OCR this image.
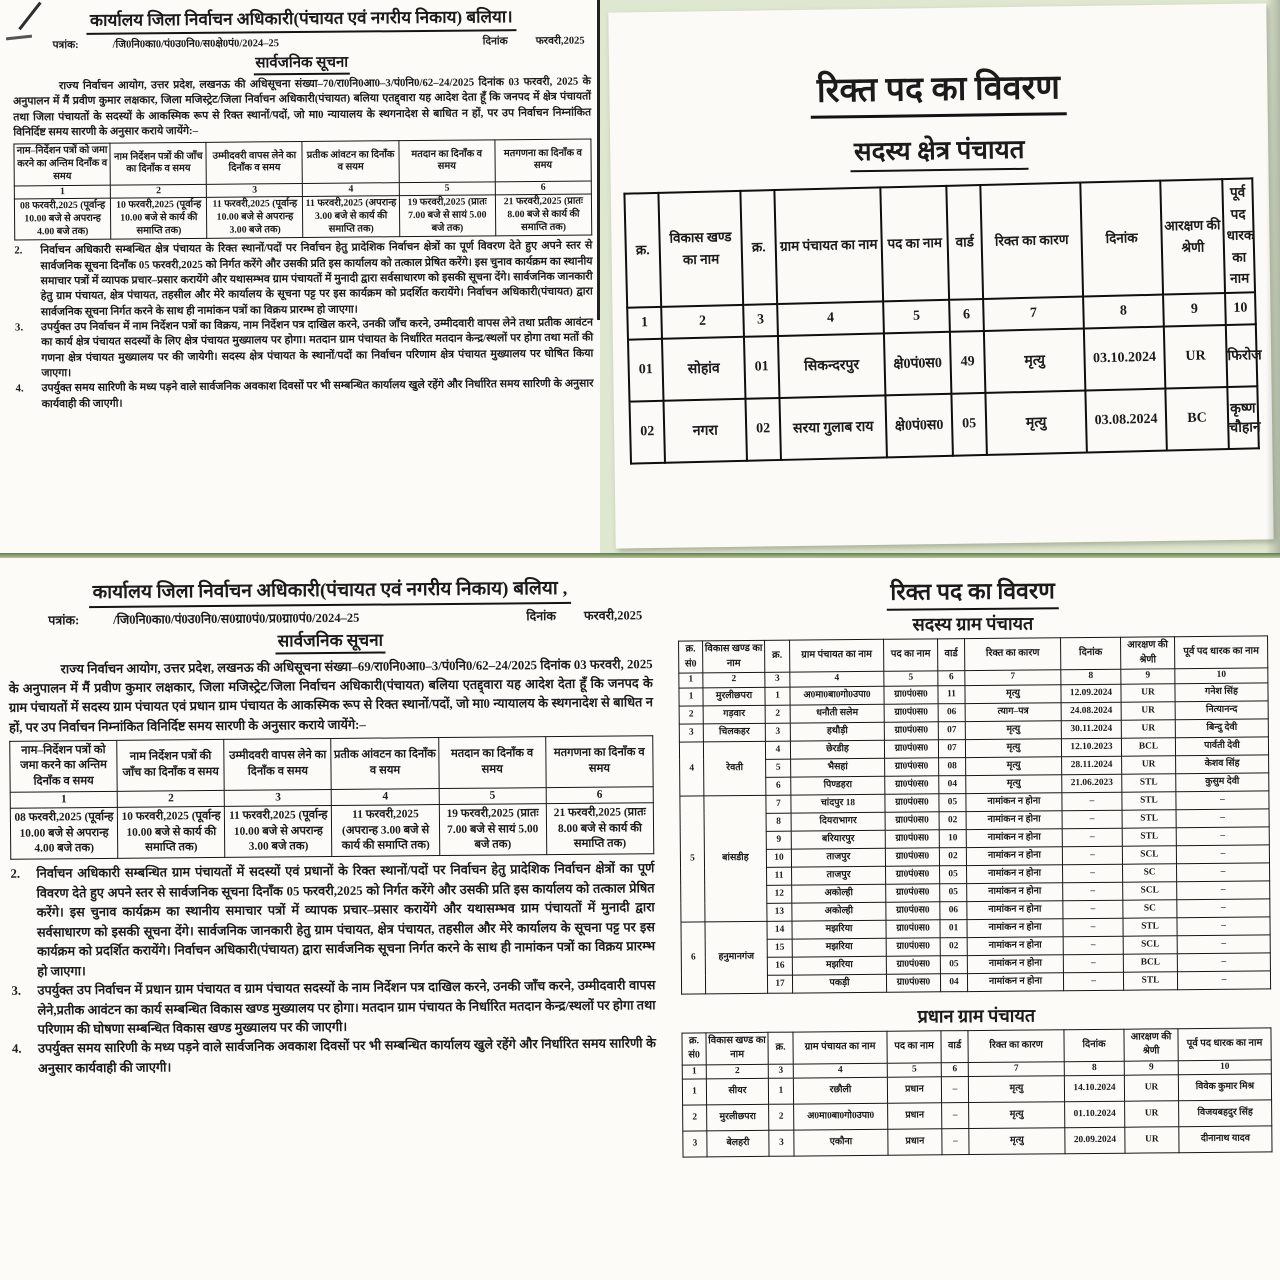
कार्यालय जिला निर्वाचन अधिकारी(पंचायत एवं नगरीय निकाय) बलिया।
पत्रांक:	/जि0नि0का0/पं0उ0नि0/स0क्षे0पं0/2024–25	दिनांक	फरवरी,2025
सार्वजनिक सूचना

राज्य निर्वाचन आयोग, उत्तर प्रदेश, लखनऊ की अधिसूचना संख्या–70/रा0नि0आ0–3/पं0नि0/62–24/2025 दिनांक 03 फरवरी, 2025 के अनुपालन में मैं प्रवीण कुमार लक्षकार, जिला मजिस्ट्रेट/जिला निर्वाचन अधिकारी(पंचायत) बलिया एतद्द्वारा यह आदेश देता हूँ कि जनपद में क्षेत्र पंचायतों तथा जिला पंचायतों के सदस्यों के आकस्मिक रूप से रिक्त स्थानों/पदों, जो मा0 न्यायालय के स्थगनादेश से बाधित न हों, पर उप निर्वाचन निम्नांकित विनिर्दिष्ट समय सारणी के अनुसार कराये जायेंगे:–

नाम–निर्देशन पत्रों को जमा करने का अन्तिम दिनाँक व समय	नाम निर्देशन पत्रों की जाँच का दिनाँक व समय	उम्मीदवरी वापस लेने का दिनाँक व समय	प्रतीक आंवटन का दिनाँक व सयम	मतदान का दिनाँक व समय	मतगणना का दिनाँक व समय
1	2	3	4	5	6
08 फरवरी,2025 (पूर्वान्ह 10.00 बजे से अपरान्ह 4.00 बजे तक)	10 फरवरी,2025 (पूर्वान्ह 10.00 बजे से कार्य की समाप्ति तक)	11 फरवरी,2025 (पूर्वान्ह 10.00 बजे से अपरान्ह 3.00 बजे तक)	11 फरवरी,2025 (अपरान्ह 3.00 बजे से कार्य की समाप्ति तक)	19 फरवरी,2025 (प्रातः 7.00 बजे से सायं 5.00 बजे तक)	21 फरवरी,2025 (प्रातः 8.00 बजे से कार्य की समाप्ति तक)
2.	निर्वाचन अधिकारी सम्बन्धित क्षेत्र पंचायत के रिक्त स्थानों/पदों पर निर्वाचन हेतु प्रादेशिक निर्वाचन क्षेत्रों का पूर्ण विवरण देते हुए अपने स्तर से सार्वजनिक सूचना दिनाँक 05 फरवरी,2025 को निर्गत करेंगे और उसकी प्रति इस कार्यालय को तत्काल प्रेषित करेंगे। इस चुनाव कार्यक्रम का स्थानीय समाचार पत्रों में व्यापक प्रचार–प्रसार करायेंगे और यथासम्भव ग्राम पंचायतों में मुनादी द्वारा सर्वसाधारण को इसकी सूचना देंगे। सार्वजनिक जानकारी हेतु ग्राम पंचायत, क्षेत्र पंचायत, तहसील और मेरे कार्यालय के सूचना पट्ट पर इस कार्यक्रम को प्रदर्शित करायेंगे। निर्वाचन अधिकारी(पंचायत) द्वारा सार्वजनिक सूचना निर्गत करने के साथ ही नामांकन पत्रों का विक्रय प्रारम्भ हो जाएगा।
3.	उपर्युक्त उप निर्वाचन में नाम निर्देशन पत्रों का विक्रय, नाम निर्देशन पत्र दाखिल करने, उनकी जाँच करने, उम्मीदवारी वापस लेने तथा प्रतीक आवंटन का कार्य क्षेत्र पंचायत सदस्यों के लिए क्षेत्र पंचायत मुख्यालय पर होगा। मतदान ग्राम पंचायत के निर्धारित मतदान केन्द्र/स्थलों पर होगा तथा मतों की गणना क्षेत्र पंचायत मुख्यालय पर की जायेगी। सदस्य क्षेत्र पंचायत के स्थानों/पदों का निर्वाचन परिणाम क्षेत्र पंचायत मुख्यालय पर घोषित किया जाएगा।
4.	उपर्युक्त समय सारिणी के मध्य पड़ने वाले सार्वजनिक अवकाश दिवसों पर भी सम्बन्धित कार्यालय खुले रहेंगे और निर्धारित समय सारिणी के अनुसार कार्यवाही की जाएगी।
रिक्त पद का विवरण
सदस्य क्षेत्र पंचायत
क्र.	विकास खण्ड का नाम	क्र.	ग्राम पंचायत का नाम	पद का नाम	वार्ड	रिक्त का कारण	दिनांक	आरक्षण की श्रेणी	पूर्व पद धारक का नाम
1	2	3	4	5	6	7	8	9	10
01	सोहांव	01	सिकन्दरपुर	क्षे0पं0स0	49	मृत्यु	03.10.2024	UR	फिरोज
02	नगरा	02	सरया गुलाब राय	क्षे0पं0स0	05	मृत्यु	03.08.2024	BC	कृष्ण चौहान
कार्यालय जिला निर्वाचन अधिकारी(पंचायत एवं नगरीय निकाय) बलिया ,
पत्रांक:	/जि0नि0का0/पं0उ0नि0/स0ग्रा0पं0/प्र0ग्रा0पं0/2024–25	दिनांक फरवरी,2025
सार्वजनिक सूचना

राज्य निर्वाचन आयोग, उत्तर प्रदेश, लखनऊ की अधिसूचना संख्या–69/रा0नि0आ0–3/पं0नि0/62–24/2025 दिनांक 03 फरवरी, 2025 के अनुपालन में मैं प्रवीण कुमार लक्षकार, जिला मजिस्ट्रेट/जिला निर्वाचन अधिकारी(पंचायत) बलिया एतद्द्वारा यह आदेश देता हूँ कि जनपद के ग्राम पंचायतों में सदस्य ग्राम पंचायत एवं प्रधान ग्राम पंचायत के आकस्मिक रूप से रिक्त स्थानों/पदों, जो मा0 न्यायालय के स्थगनादेश से बाधित न हों, पर उप निर्वाचन निम्नांकित विनिर्दिष्ट समय सारणी के अनुसार कराये जायेंगे:–

नाम–निर्देशन पत्रों को जमा करने का अन्तिम दिनाँक व समय	नाम निर्देशन पत्रों की जाँच का दिनाँक व समय	उम्मीदवरी वापस लेने का दिनाँक व समय	प्रतीक आंवटन का दिनाँक व सयम	मतदान का दिनाँक व समय	मतगणना का दिनाँक व समय
1	2	3	4	5	6
08 फरवरी,2025 (पूर्वान्ह 10.00 बजे से अपरान्ह 4.00 बजे तक)	10 फरवरी,2025 (पूर्वान्ह 10.00 बजे से कार्य की समाप्ति तक)	11 फरवरी,2025 (पूर्वान्ह 10.00 बजे से अपरान्ह 3.00 बजे तक)	11 फरवरी,2025 (अपरान्ह 3.00 बजे से कार्य की समाप्ति तक)	19 फरवरी,2025 (प्रातः 7.00 बजे से सायं 5.00 बजे तक)	21 फरवरी,2025 (प्रातः 8.00 बजे से कार्य की समाप्ति तक)
2.	निर्वाचन अधिकारी सम्बन्धित ग्राम पंचायतों में सदस्यों एवं प्रधानों के रिक्त स्थानों/पदों पर निर्वाचन हेतु प्रादेशिक निर्वाचन क्षेत्रों का पूर्ण विवरण देते हुए अपने स्तर से सार्वजनिक सूचना दिनाँक 05 फरवरी,2025 को निर्गत करेंगे और उसकी प्रति इस कार्यालय को तत्काल प्रेषित करेंगे। इस चुनाव कार्यक्रम का स्थानीय समाचार पत्रों में व्यापक प्रचार–प्रसार करायेंगे और यथासम्भव ग्राम पंचायतों में मुनादी द्वारा सर्वसाधारण को इसकी सूचना देंगे। सार्वजनिक जानकारी हेतु ग्राम पंचायत, क्षेत्र पंचायत, तहसील और मेरे कार्यालय के सूचना पट्ट पर इस कार्यक्रम को प्रदर्शित करायेंगे। निर्वाचन अधिकारी(पंचायत) द्वारा सार्वजनिक सूचना निर्गत करने के साथ ही नामांकन पत्रों का विक्रय प्रारम्भ हो जाएगा।
3.	उपर्युक्त उप निर्वाचन में प्रधान ग्राम पंचायत व ग्राम पंचायत सदस्यों के नाम निर्देशन पत्र दाखिल करने, उनकी जाँच करने, उम्मीदवारी वापस लेने,प्रतीक आवंटन का कार्य सम्बन्धित विकास खण्ड मुख्यालय पर होगा। मतदान ग्राम पंचायत के निर्धारित मतदान केन्द्र/स्थलों पर होगा तथा परिणाम की घोषणा सम्बन्धित विकास खण्ड मुख्यालय पर की जाएगी।
4.	उपर्युक्त समय सारिणी के मध्य पड़ने वाले सार्वजनिक अवकाश दिवसों पर भी सम्बन्धित कार्यालय खुले रहेंगे और निर्धारित समय सारिणी के अनुसार कार्यवाही की जाएगी।
रिक्त पद का विवरण
सदस्य ग्राम पंचायत
क्र. सं0	विकास खण्ड का नाम	क्र.	ग्राम पंचायत का नाम	पद का नाम	वार्ड	रिक्त का कारण	दिनांक	आरक्षण की श्रेणी	पूर्व पद धारक का नाम
1	2	3	4	5	6	7	8	9	10
1	मुरलीछपरा	1	अ0मा0बा0गो0उपा0	ग्रा0पं0स0	11	मृत्यु	12.09.2024	UR	गनेश सिंह
2	गड़वार	2	धनौती सलेम	ग्रा0पं0स0	06	त्याग–पत्र	24.08.2024	UR	नित्यानन्द
3	चिलकहर	3	हथौड़ी	ग्रा0पं0स0	07	मृत्यु	30.11.2024	UR	बिन्दु देवी
4	रेवती	4	छेरडीह	ग्रा0पं0स0	07	मृत्यु	12.10.2023	BCL	पार्वती देवी
		5	भैसहां	ग्रा0पं0स0	08	मृत्यु	28.11.2024	UR	केशव सिंह
		6	पिण्डहरा	ग्रा0पं0स0	04	मृत्यु	21.06.2023	STL	कुसुम देवी
5	बांसडीह	7	चांदपुर 18	ग्रा0पं0स0	05	नामांकन न होना	–	STL	–
		8	दियराभागर	ग्रा0पं0स0	02	नामांकन न होना	–	STL	–
		9	बरियारपुर	ग्रा0पं0स0	10	नामांकन न होना	–	STL	–
		10	ताजपुर	ग्रा0पं0स0	02	नामांकन न होना	–	SCL	–
		11	ताजपुर	ग्रा0पं0स0	05	नामांकन न होना	–	SC	–
		12	अकोल्ही	ग्रा0पं0स0	05	नामांकन न होना	–	SCL	–
		13	अकोल्ही	ग्रा0पं0स0	06	नामांकन न होना	–	SC	–
6	हनुमानगंज	14	मझरिया	ग्रा0पं0स0	01	नामांकन न होना	–	STL	–
		15	मझरिया	ग्रा0पं0स0	02	नामांकन न होना	–	SCL	–
		16	मझरिया	ग्रा0पं0स0	05	नामांकन न होना	–	BCL	–
		17	पकड़ी	ग्रा0पं0स0	04	नामांकन न होना	–	STL	–
प्रधान ग्राम पंचायत
क्र. सं0	विकास खण्ड का नाम	क्र.	ग्राम पंचायत का नाम	पद का नाम	वार्ड	रिक्त का कारण	दिनांक	आरक्षण की श्रेणी	पूर्व पद धारक का नाम
1	2	3	4	5	6	7	8	9	10
1	सीयर	1	रछौली	प्रधान	–	मृत्यु	14.10.2024	UR	विवेक कुमार मिश्र
2	मुरलीछपरा	2	अ0मा0बा0गो0उपा0	प्रधान	–	मृत्यु	01.10.2024	UR	विजयबहदुर सिंह
3	बेलहरी	3	एकौना	प्रधान	–	मृत्यु	20.09.2024	UR	दीनानाथ यादव
